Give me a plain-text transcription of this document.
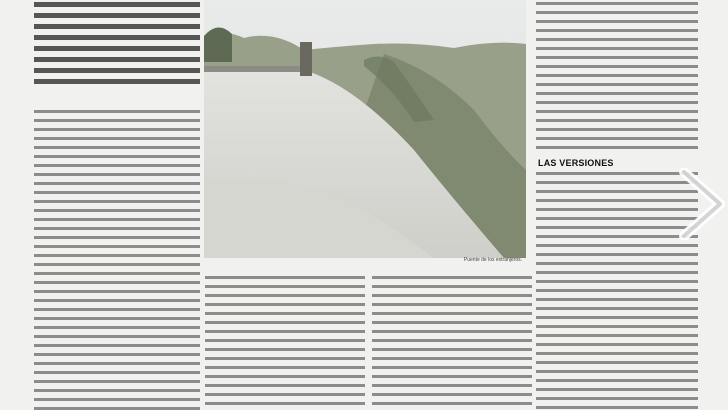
Puente de los extranjeros.
LAS VERSIONES
